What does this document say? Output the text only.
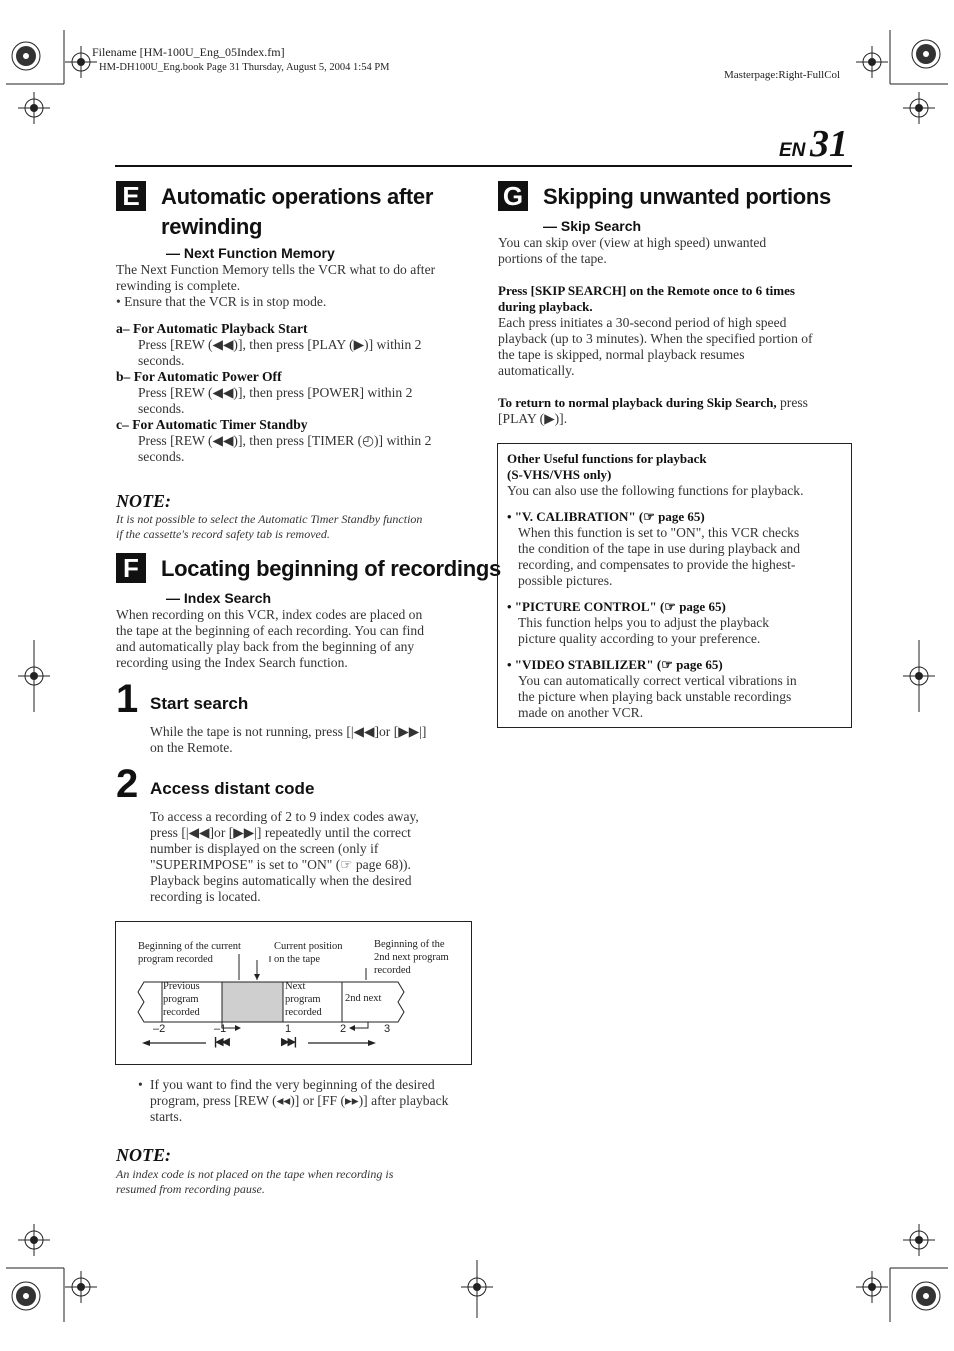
Filename [HM-100U_Eng_05Index.fm]
HM-DH100U_Eng.book Page 31 Thursday, August 5, 2004 1:54 PM
Masterpage:Right-FullCol
EN 31
E Automatic operations after
rewinding
— Next Function Memory
The Next Function Memory tells the VCR what to do after
rewinding is complete.
• Ensure that the VCR is in stop mode.
a– For Automatic Playback Start
Press [REW (◀◀)], then press [PLAY (▶)] within 2
seconds.
b– For Automatic Power Off
Press [REW (◀◀)], then press [POWER] within 2
seconds.
c– For Automatic Timer Standby
Press [REW (◀◀)], then press [TIMER (◴)] within 2
seconds.
NOTE:
It is not possible to select the Automatic Timer Standby function
if the cassette's record safety tab is removed.
F	Locating beginning of recordings
— Index Search
When recording on this VCR, index codes are placed on
the tape at the beginning of each recording. You can find
and automatically play back from the beginning of any
recording using the Index Search function.
1 Start search
While the tape is not running, press [|◀◀]or [▶▶|]
on the Remote.
2 Access distant code
To access a recording of 2 to 9 index codes away,
press [|◀◀]or [▶▶|] repeatedly until the correct
number is displayed on the screen (only if
"SUPERIMPOSE" is set to "ON" (☞ page 68)).
Playback begins automatically when the desired
recording is located.
Beginning of the current
program recorded
Current position
on the tape
Beginning of the
2nd next program
recorded
Previous
program
recorded
Next
program
recorded
2nd next
–2	–1	1	2	3
|◀◀	▶▶|
• If you want to find the very beginning of the desired
program, press [REW (◂◂)] or [FF (▸▸)] after playback
starts.
NOTE:
An index code is not placed on the tape when recording is
resumed from recording pause.
G Skipping unwanted portions
— Skip Search
You can skip over (view at high speed) unwanted
portions of the tape.
Press [SKIP SEARCH] on the Remote once to 6 times
during playback.
Each press initiates a 30-second period of high speed
playback (up to 3 minutes). When the specified portion of
the tape is skipped, normal playback resumes
automatically.
To return to normal playback during Skip Search, press
[PLAY (▶)].
Other Useful functions for playback
(S-VHS/VHS only)
You can also use the following functions for playback.
• "V. CALIBRATION" (☞ page 65)
When this function is set to "ON", this VCR checks
the condition of the tape in use during playback and
recording, and compensates to provide the highest-
possible pictures.
• "PICTURE CONTROL" (☞ page 65)
This function helps you to adjust the playback
picture quality according to your preference.
• "VIDEO STABILIZER" (☞ page 65)
You can automatically correct vertical vibrations in
the picture when playing back unstable recordings
made on another VCR.
